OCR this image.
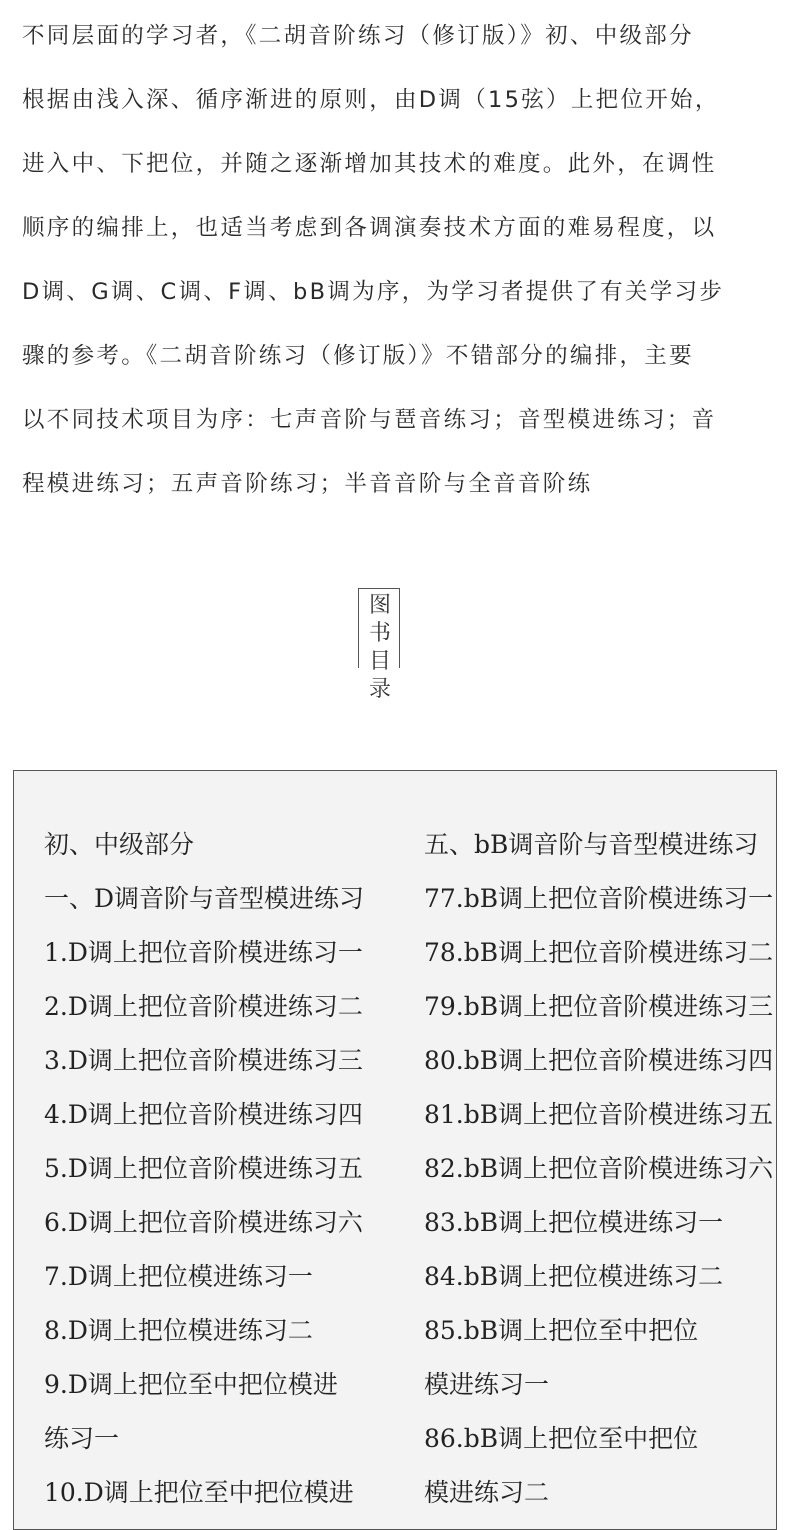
不同层面的学习者，《二胡音阶练习（修订版）》初、中级部分
根据由浅入深、循序渐进的原则，由D调（15弦）上把位开始，
进入中、下把位，并随之逐渐增加其技术的难度。此外，在调性
顺序的编排上，也适当考虑到各调演奏技术方面的难易程度，以
D调、G调、C调、F调、bB调为序，为学习者提供了有关学习步
骤的参考。《二胡音阶练习（修订版）》不错部分的编排，主要
以不同技术项目为序：七声音阶与琶音练习；音型模进练习；音
程模进练习；五声音阶练习；半音音阶与全音音阶练
图
书
目
录
初、中级部分
一、D调音阶与音型模进练习
1.D调上把位音阶模进练习一
2.D调上把位音阶模进练习二
3.D调上把位音阶模进练习三
4.D调上把位音阶模进练习四
5.D调上把位音阶模进练习五
6.D调上把位音阶模进练习六
7.D调上把位模进练习一
8.D调上把位模进练习二
9.D调上把位至中把位模进
练习一
10.D调上把位至中把位模进
五、bB调音阶与音型模进练习
77.bB调上把位音阶模进练习一
78.bB调上把位音阶模进练习二
79.bB调上把位音阶模进练习三
80.bB调上把位音阶模进练习四
81.bB调上把位音阶模进练习五
82.bB调上把位音阶模进练习六
83.bB调上把位模进练习一
84.bB调上把位模进练习二
85.bB调上把位至中把位
模进练习一
86.bB调上把位至中把位
模进练习二
